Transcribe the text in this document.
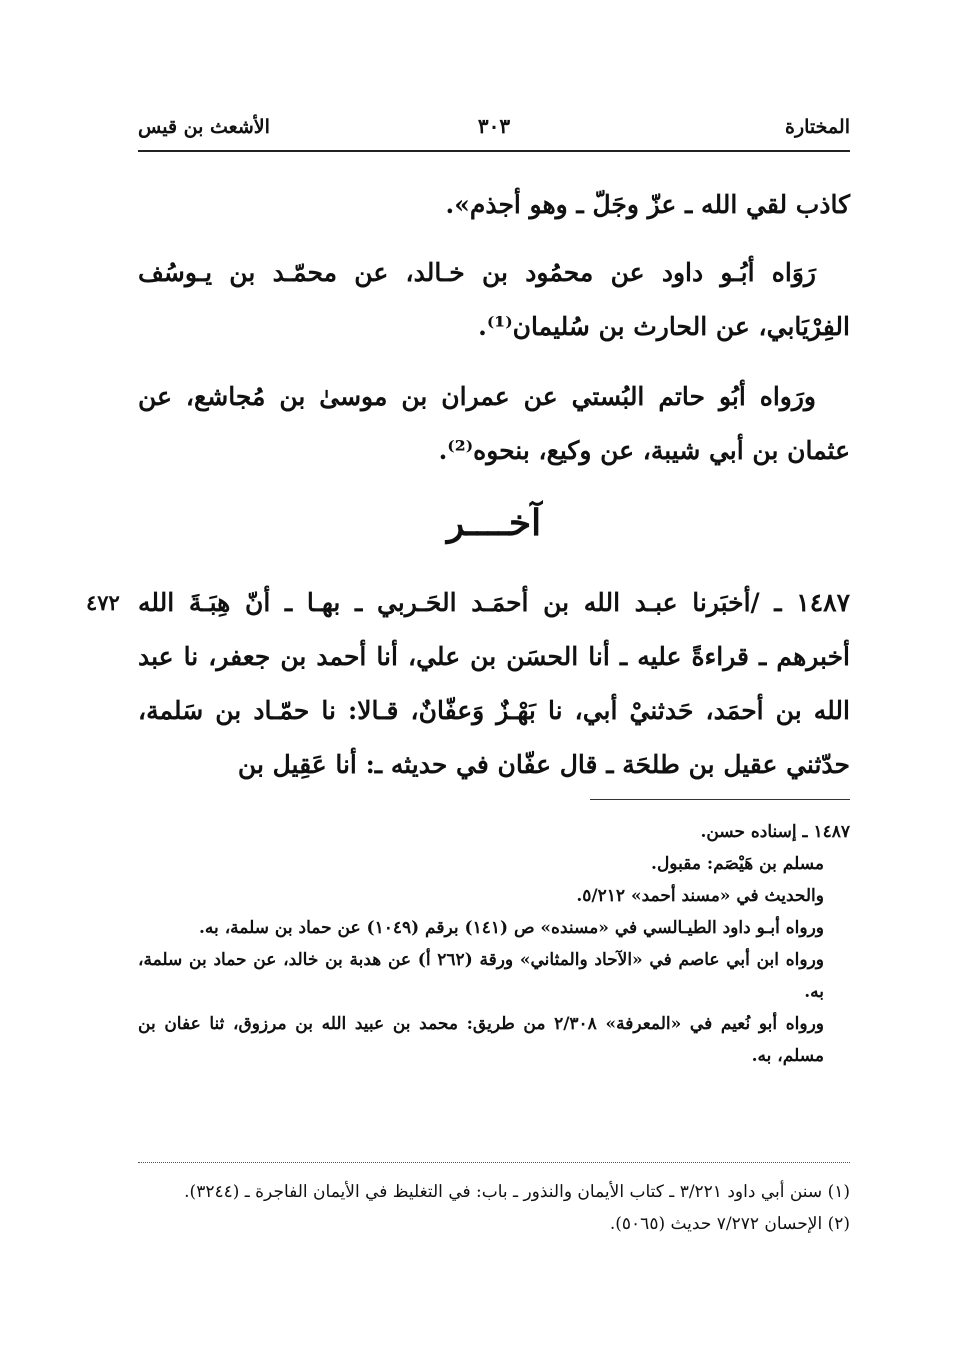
المختارة
٣٠٣
الأشعث بن قيس
كاذب لقي الله ـ عزّ وجَلّ ـ وهو أجذم».
رَوَاه أبُـو داود عن محمُود بن خـالد، عن محمّـد بن يـوسُف الفِرْيَابي، عن الحارث بن سُليمان⁽¹⁾.
ورَواه أبُو حاتم البُستي عن عمران بن موسىٰ بن مُجاشع، عن عثمان بن أبي شيبة، عن وكيع، بنحوه⁽²⁾.
آخــــر
٤٧٢ ١٤٨٧ ـ /أخبَرنا عبـد الله بن أحمَـد الحَـربي ـ بهـا ـ أنّ هِبَـةَ الله أخبرهم ـ قراءةً عليه ـ أنا الحسَن بن علي، أنا أحمد بن جعفر، نا عبد الله بن أحمَد، حَدثنيْ أبي، نا بَهْـزٌ وَعفّانٌ، قـالا: نا حمّـاد بن سَلمة، حدّثني عقيل بن طلحَة ـ قال عفّان في حديثه ـ: أنا عَقِيل بن
١٤٨٧ ـ إسناده حسن.
مسلم بن هَيْصَم: مقبول.
والحديث في «مسند أحمد» ٥/٢١٢.
ورواه أبـو داود الطيـالسي في «مسنده» ص (١٤١) برقم (١٠٤٩) عن حماد بن سلمة، به.
ورواه ابن أبي عاصم في «الآحاد والمثاني» ورقة (٢٦٢ أ) عن هدبة بن خالد، عن حماد بن سلمة، به.
ورواه أبو نُعيم في «المعرفة» ٢/٣٠٨ من طريق: محمد بن عبيد الله بن مرزوق، ثنا عفان بن مسلم، به.
(١) سنن أبي داود ٣/٢٢١ ـ كتاب الأيمان والنذور ـ باب: في التغليظ في الأيمان الفاجرة ـ (٣٢٤٤).
(٢) الإحسان ٧/٢٧٢ حديث (٥٠٦٥).
